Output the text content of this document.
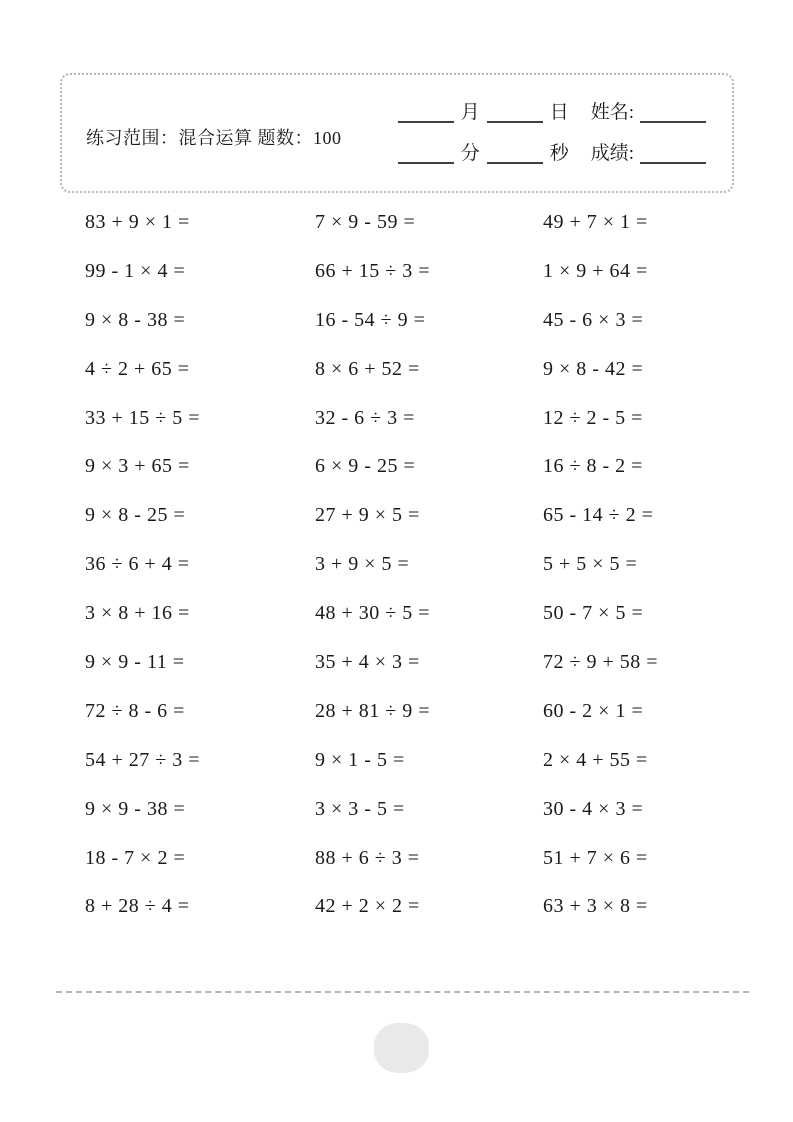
练习范围：混合运算 题数：100
月	日 姓名:
分	秒 成绩:
83 + 9 × 1 =
99 - 1 × 4 =
9 × 8 - 38 =
4 ÷ 2 + 65 =
33 + 15 ÷ 5 =
9 × 3 + 65 =
9 × 8 - 25 =
36 ÷ 6 + 4 =
3 × 8 + 16 =
9 × 9 - 11 =
72 ÷ 8 - 6 =
54 + 27 ÷ 3 =
9 × 9 - 38 =
18 - 7 × 2 =
8 + 28 ÷ 4 =
7 × 9 - 59 =
66 + 15 ÷ 3 =
16 - 54 ÷ 9 =
8 × 6 + 52 =
32 - 6 ÷ 3 =
6 × 9 - 25 =
27 + 9 × 5 =
3 + 9 × 5 =
48 + 30 ÷ 5 =
35 + 4 × 3 =
28 + 81 ÷ 9 =
9 × 1 - 5 =
3 × 3 - 5 =
88 + 6 ÷ 3 =
42 + 2 × 2 =
49 + 7 × 1 =
1 × 9 + 64 =
45 - 6 × 3 =
9 × 8 - 42 =
12 ÷ 2 - 5 =
16 ÷ 8 - 2 =
65 - 14 ÷ 2 =
5 + 5 × 5 =
50 - 7 × 5 =
72 ÷ 9 + 58 =
60 - 2 × 1 =
2 × 4 + 55 =
30 - 4 × 3 =
51 + 7 × 6 =
63 + 3 × 8 =
